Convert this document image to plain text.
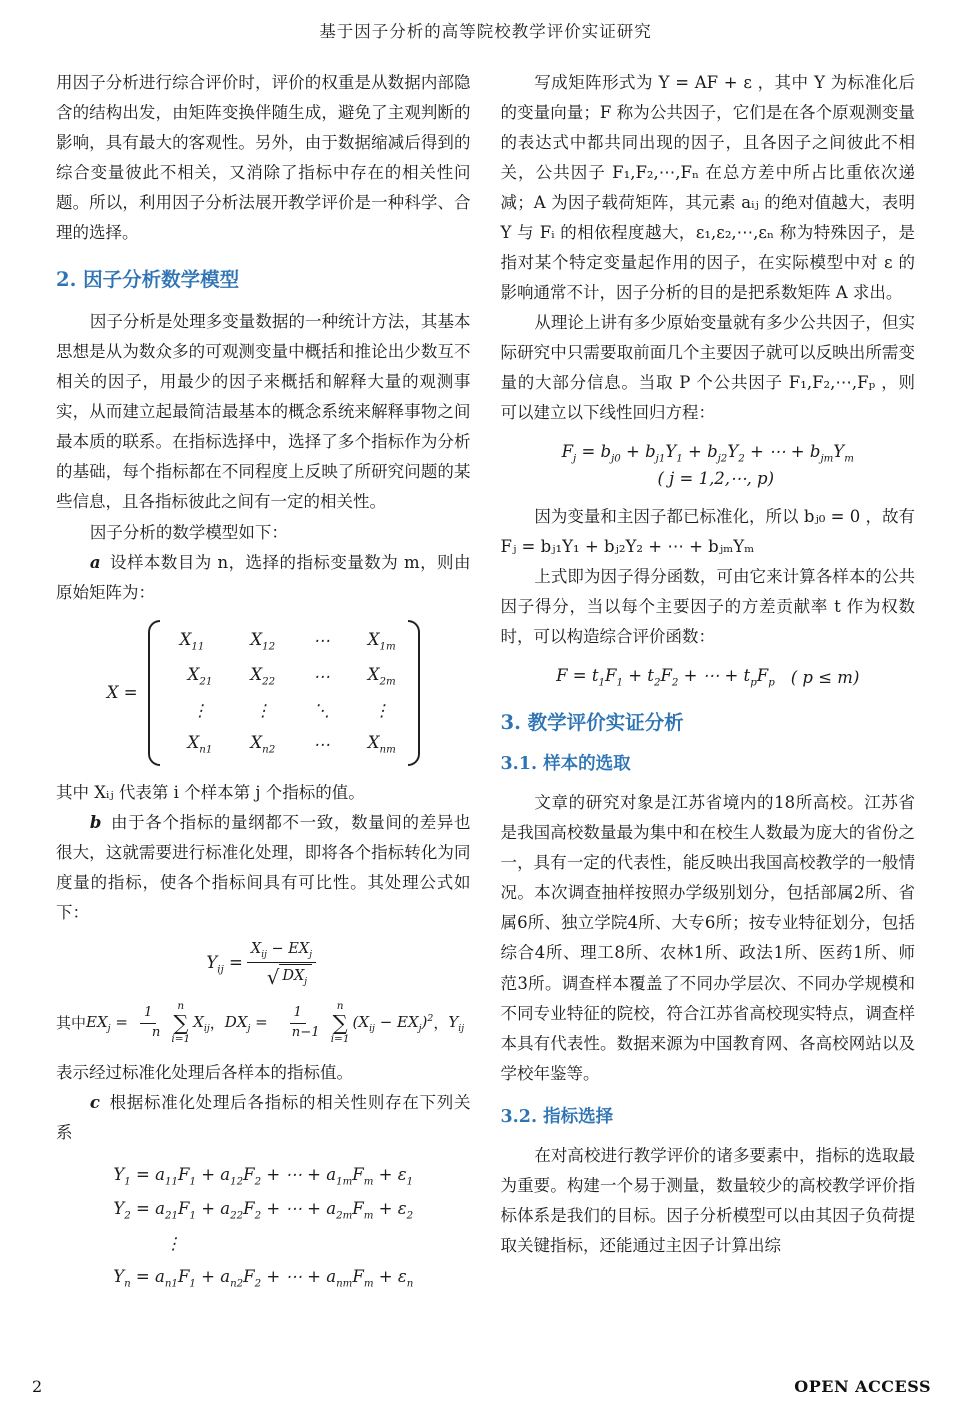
基于因子分析的高等院校教学评价实证研究

用因子分析进行综合评价时，评价的权重是从数据内部隐含的结构出发，由矩阵变换伴随生成，避免了主观判断的影响，具有最大的客观性。另外，由于数据缩减后得到的综合变量彼此不相关，又消除了指标中存在的相关性问题。所以，利用因子分析法展开教学评价是一种科学、合理的选择。

2. 因子分析数学模型

因子分析是处理多变量数据的一种统计方法，其基本思想是从为数众多的可观测变量中概括和推论出少数互不相关的因子，用最少的因子来概括和解释大量的观测事实，从而建立起最简洁最基本的概念系统来解释事物之间最本质的联系。在指标选择中，选择了多个指标作为分析的基础，每个指标都在不同程度上反映了所研究问题的某些信息，且各指标彼此之间有一定的相关性。

因子分析的数学模型如下：

a 设样本数目为 n，选择的指标变量数为 m，则由原始矩阵为：

X =
$X_{11}$	$X_{12}$ ⋯ $X_{1m}$
$X_{21}$ $X_{22}$ ⋯ $X_{2m}$
⋮	⋮	⋱	⋮
$X_{n1}$ $X_{n2}$ ⋯ $X_{nm}$

其中 Xᵢⱼ 代表第 i 个样本第 j 个指标的值。

b 由于各个指标的量纲都不一致，数量间的差异也很大，这就需要进行标准化处理，即将各个指标转化为同度量的指标，使各个指标间具有可比性。其处理公式如下：

$Y_{ij} = \frac{X_{ij} - EX_j}{√ DX_j}$
其中 $EX_j = \frac{1}{n}$ n
∑
i=1
$X_{ij}$ ， $DX_j = \frac{1}{n-1}$ n
∑
i=1
$(X_{ij} - EX_j)^2$ ， $Y_{ij}$

表示经过标准化处理后各样本的指标值。

c 根据标准化处理后各指标的相关性则存在下列关系

$Y_1 = a_{11}F_1 + a_{12}F_2$ + ⋯ + $a_{1m}F_m + \varepsilon_1$
$Y_2 = a_{21}F_1 + a_{22}F_2$ + ⋯ + $a_{2m}F_m + \varepsilon_2$
⋮
$Y_n = a_{n1}F_1 + a_{n2}F_2$ + ⋯ + $a_{nm}F_m + \varepsilon_n$

写成矩阵形式为 Y = AF + ε ，其中 Y 为标准化后的变量向量；F 称为公共因子，它们是在各个原观测变量的表达式中都共同出现的因子，且各因子之间彼此不相关，公共因子 F₁,F₂,⋯,Fₙ 在总方差中所占比重依次递减；A 为因子载荷矩阵，其元素 aᵢⱼ 的绝对值越大，表明 Y 与 Fᵢ 的相依程度越大，ε₁,ε₂,⋯,εₙ 称为特殊因子，是指对某个特定变量起作用的因子，在实际模型中对 ε 的影响通常不计，因子分析的目的是把系数矩阵 A 求出。

从理论上讲有多少原始变量就有多少公共因子，但实际研究中只需要取前面几个主要因子就可以反映出所需变量的大部分信息。当取 P 个公共因子 F₁,F₂,⋯,Fₚ ，则可以建立以下线性回归方程：

$F_j = b_{j0} + b_{j1}Y_1 + b_{j2}Y_2$ + ⋯ + $b_{jm}Y_m$
( j = 1,2,⋯, p)

因为变量和主因子都已标准化，所以 bⱼ₀ = 0 ，故有 Fⱼ = bⱼ₁Y₁ + bⱼ₂Y₂ + ⋯ + bⱼₘYₘ

上式即为因子得分函数，可由它来计算各样本的公共因子得分，当以每个主要因子的方差贡献率 t 作为权数时，可以构造综合评价函数：

$F = t_1F_1 + t_2F_2$ + ⋯ + $t_pF_p$ ( p ≤ m)
3. 教学评价实证分析
3.1. 样本的选取

文章的研究对象是江苏省境内的18所高校。江苏省是我国高校数量最为集中和在校生人数最为庞大的省份之一，具有一定的代表性，能反映出我国高校教学的一般情况。本次调查抽样按照办学级别划分，包括部属2所、省属6所、独立学院4所、大专6所；按专业特征划分，包括综合4所、理工8所、农林1所、政法1所、医药1所、师范3所。调查样本覆盖了不同办学层次、不同办学规模和不同专业特征的院校，符合江苏省高校现实特点，调查样本具有代表性。数据来源为中国教育网、各高校网站以及学校年鉴等。

3.2. 指标选择

在对高校进行教学评价的诸多要素中，指标的选取最为重要。构建一个易于测量，数量较少的高校教学评价指标体系是我们的目标。因子分析模型可以由其因子负荷提取关键指标，还能通过主因子计算出综

2	OPEN ACCESS
